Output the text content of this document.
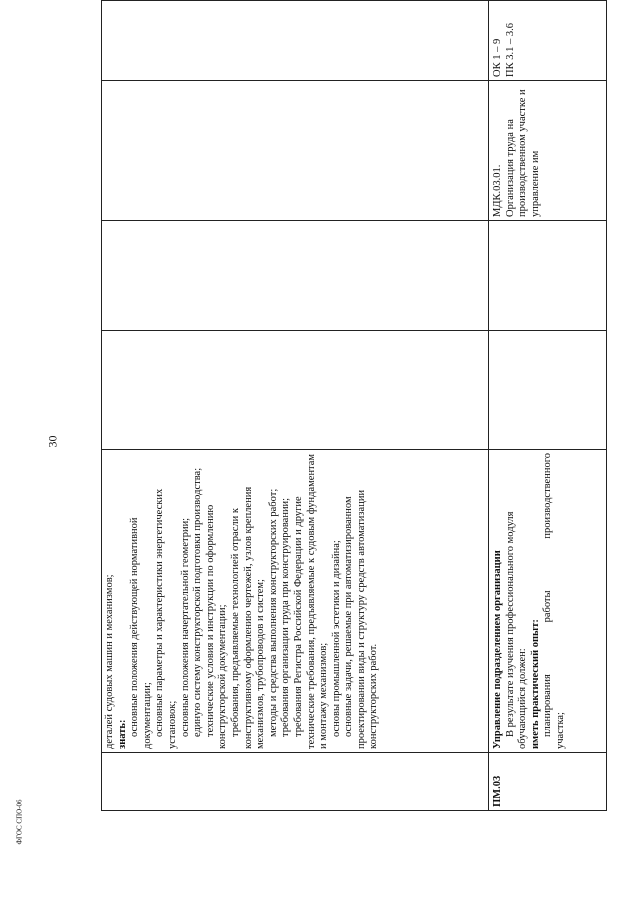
30
ФГОС СПО-06

деталей судовых машин и механизмов; знать: основные положения действующей нормативной документации; основные параметры и характеристики энергетических установок; основные положения начертательной геометрии; единую систему конструкторской подготовки производства; технические условия и инструкции по оформлению конструкторской документации; требования, предъявляемые технологией отрасли к конструктивному оформлению чертежей, узлов крепления механизмов, трубопроводов и систем; методы и средства выполнения конструкторских работ; требования организации труда при конструировании; требования Регистра Российской Федерации и другие технические требования, предъявляемые к судовым фундаментам и монтажу механизмов; основы промышленной эстетики и дизайна; основные задачи, решаемые при автоматизированном проектировании виды и структуру средств автоматизации конструкторских работ.

ПМ.03

Управление подразделением организации В результате изучения профессионального модуля обучающийся должен: иметь практический опыт: планирования работы производственного участка;

МДК.03.01. Организация труда на производственном участке и управление им

ОК 1 – 9 ПК 3.1 – 3.6
